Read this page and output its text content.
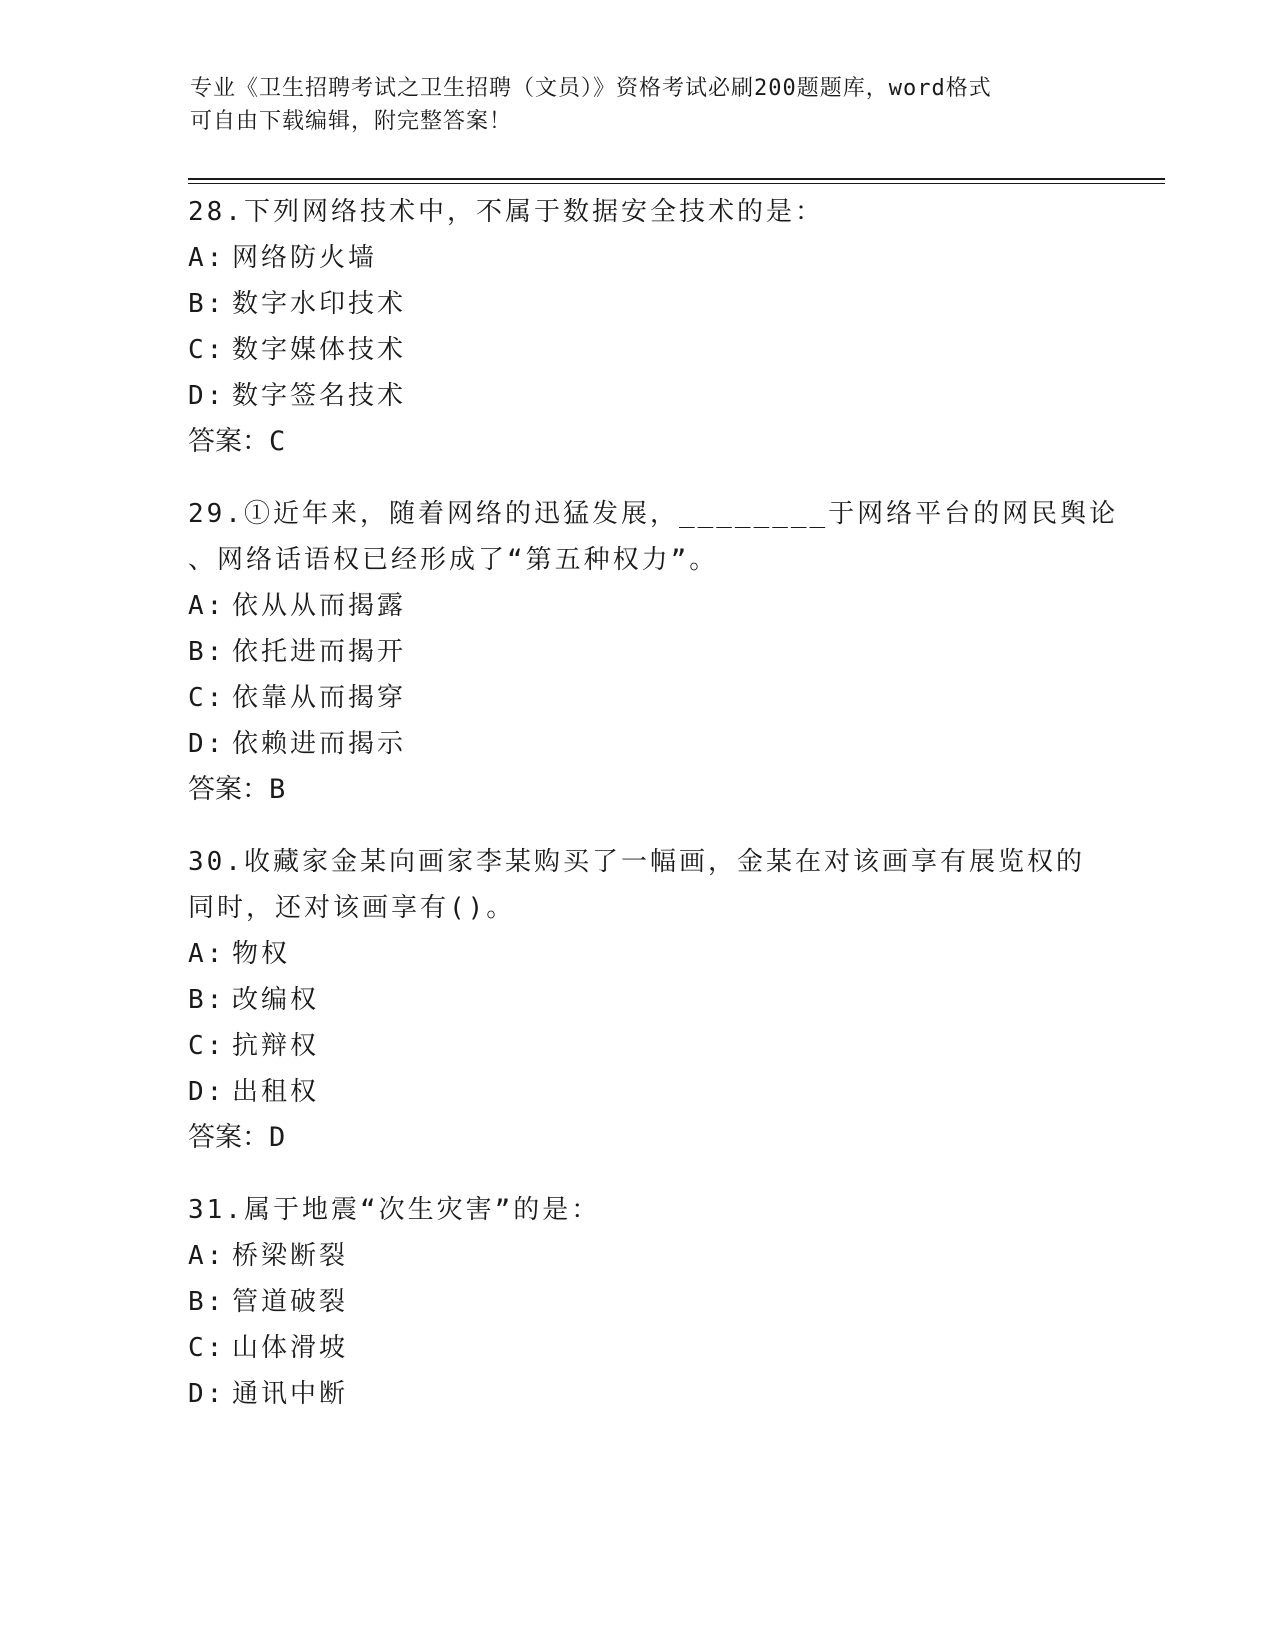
专业《卫生招聘考试之卫生招聘（文员）》资格考试必刷200题题库，word格式
可自由下载编辑，附完整答案！
28.下列网络技术中，不属于数据安全技术的是：
A: 网络防火墙
B: 数字水印技术
C: 数字媒体技术
D: 数字签名技术
答案：C
29.①近年来，随着网络的迅猛发展，________于网络平台的网民舆论
、网络话语权已经形成了“第五种权力”。
A: 依从从而揭露
B: 依托进而揭开
C: 依靠从而揭穿
D: 依赖进而揭示
答案：B
30.收藏家金某向画家李某购买了一幅画，金某在对该画享有展览权的
同时，还对该画享有()。
A: 物权
B: 改编权
C: 抗辩权
D: 出租权
答案：D
31.属于地震“次生灾害”的是：
A: 桥梁断裂
B: 管道破裂
C: 山体滑坡
D: 通讯中断
